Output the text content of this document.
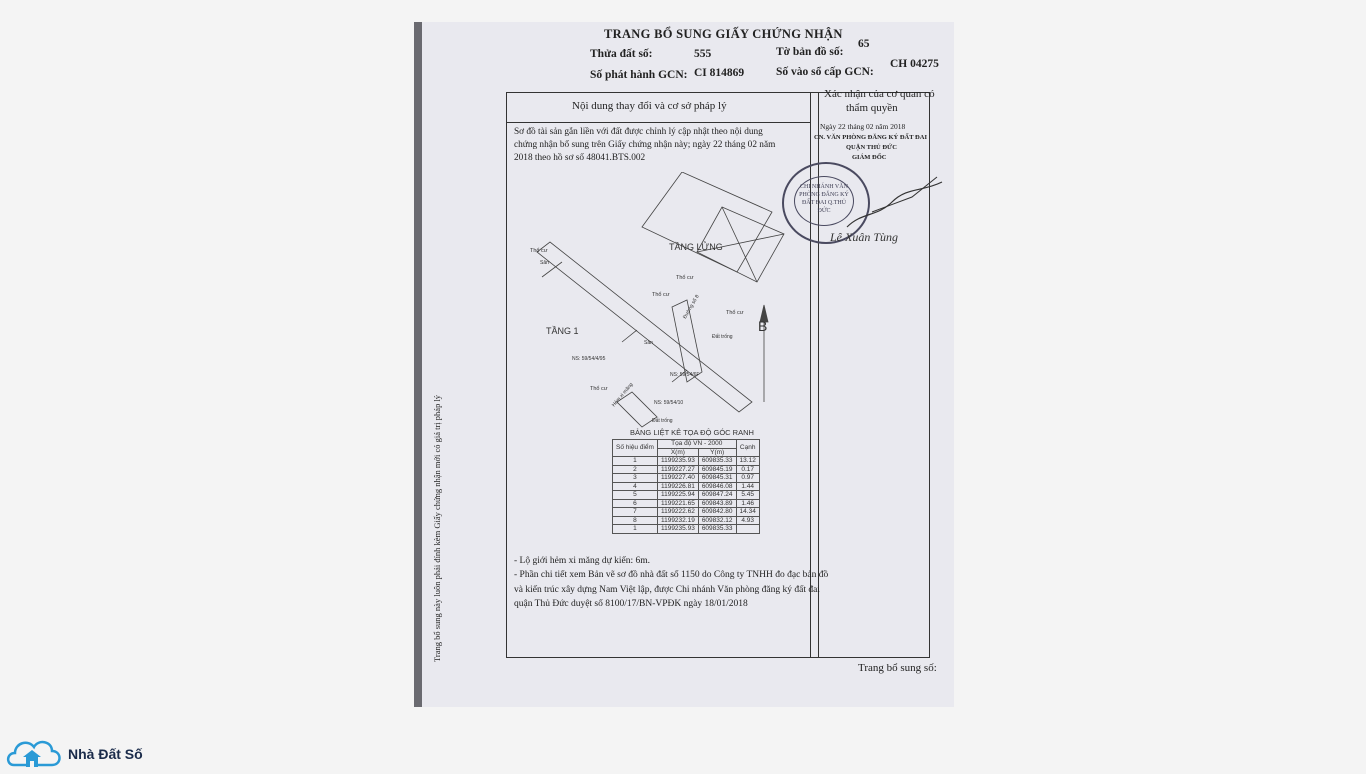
TRANG BỔ SUNG GIẤY CHỨNG NHẬN
Thửa đất số:	555	Tờ bản đồ số:
65
Số phát hành GCN: CI 814869	Số vào sổ cấp GCN:
CH 04275
Nội dung thay đổi và cơ sở pháp lý
Xác nhận của cơ quan có
thẩm quyền
Sơ đồ tài sản gắn liền với đất được chỉnh lý cập nhật theo nội dung
chứng nhận bổ sung trên Giấy chứng nhận này; ngày 22 tháng 02 năm
2018 theo hồ sơ số 48041.BTS.002
Ngày 22 tháng 02 năm 2018
CN. VĂN PHÒNG ĐĂNG KÝ ĐẤT ĐAI
QUẬN THỦ ĐỨC
GIÁM ĐỐC
CHI NHÁNH VĂN PHÒNG ĐĂNG KÝ ĐẤT ĐAI Q.THỦ ĐỨC
Lê Xuân Tùng
TẦNG LỬNG
TẦNG 1	B
Thổ cư
Thổ cư
Thổ cư
Thổ cư
Thổ cư
Sân
Sân
Đất trống
Đất trống
NS: 59/54/4/95
NS: 59/54/6F
NS: 59/54/10
Hẻm xi măng
Đường số 8
BẢNG LIỆT KÊ TỌA ĐỘ GÓC RANH
Số hiệu điểm	Tọa độ VN - 2000		Cạnh
	X(m)	Y(m)	
1	1199235.93	609835.33	13.12
2	1199227.27	609845.19	0.17
3	1199227.40	609845.31	0.97
4	1199226.81	609846.08	1.44
5	1199225.94	609847.24	5.45
6	1199221.65	609843.89	1.46
7	1199222.62	609842.80	14.34
8	1199232.19	609832.12	4.93
1	1199235.93	609835.33	
- Lộ giới hẻm xi măng dự kiến: 6m.
- Phần chi tiết xem Bản vẽ sơ đồ nhà đất số 1150 do Công ty TNHH đo đạc bản đồ và kiến trúc xây dựng Nam Việt lập, được Chi nhánh Văn phòng đăng ký đất đai quận Thủ Đức duyệt số 8100/17/BN-VPĐK ngày 18/01/2018
Trang bổ sung này luôn phải đính kèm Giấy chứng nhận mới có giá trị pháp lý
Trang bổ sung số:
Nhà Đất Số
